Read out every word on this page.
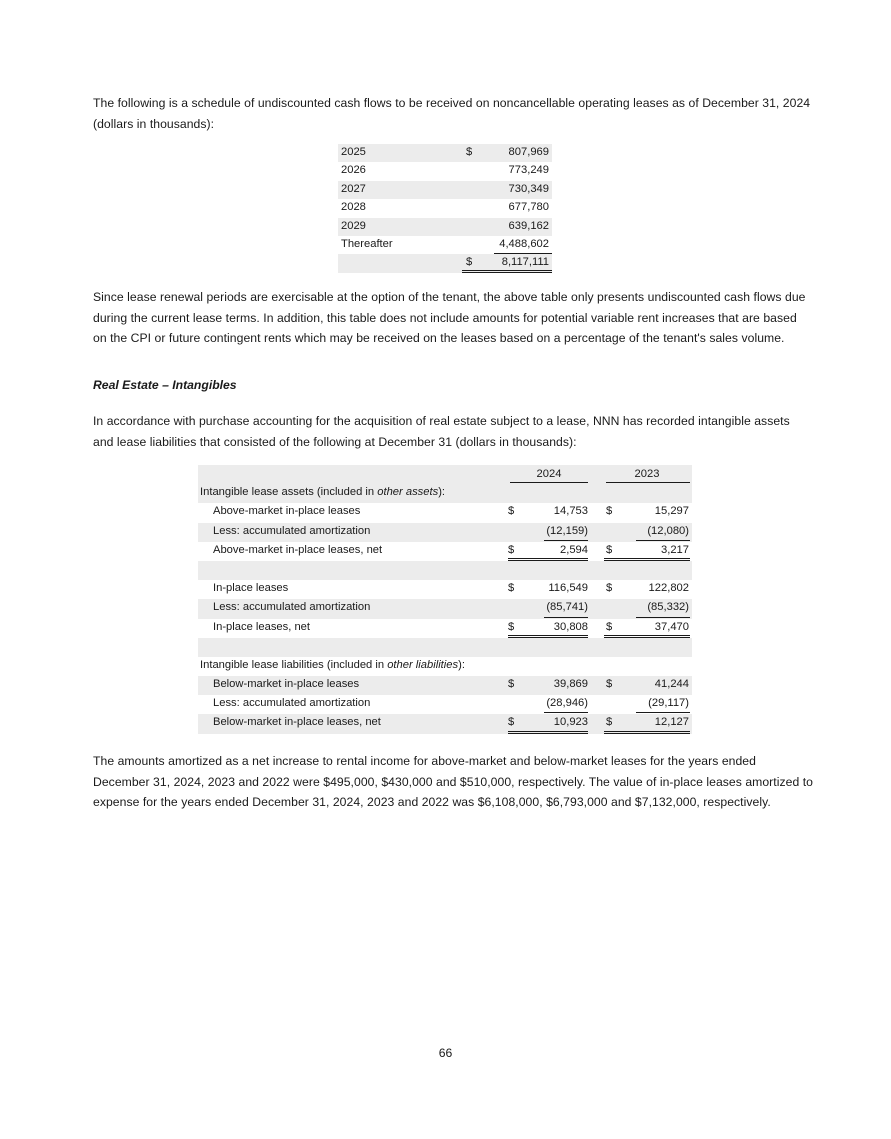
The following is a schedule of undiscounted cash flows to be received on noncancellable operating leases as of December 31, 2024 (dollars in thousands):

2025	$	807,969
2026	773,249
2027	730,349
2028	677,780
2029	639,162
Thereafter	4,488,602
$	8,117,111

Since lease renewal periods are exercisable at the option of the tenant, the above table only presents undiscounted cash flows due during the current lease terms. In addition, this table does not include amounts for potential variable rent increases that are based on the CPI or future contingent rents which may be received on the leases based on a percentage of the tenant's sales volume.

Real Estate – Intangibles

In accordance with purchase accounting for the acquisition of real estate subject to a lease, NNN has recorded intangible assets and lease liabilities that consisted of the following at December 31 (dollars in thousands):

2024	2023
Intangible lease assets (included in other assets):
Above-market in-place leases	$	14,753 $	15,297
Less: accumulated amortization	(12,159)	(12,080)
Above-market in-place leases, net	$	2,594 $	3,217
In-place leases	$	116,549 $	122,802
Less: accumulated amortization	(85,741)	(85,332)
In-place leases, net	$	30,808 $	37,470
Intangible lease liabilities (included in other liabilities):
Below-market in-place leases	$	39,869 $	41,244
Less: accumulated amortization	(28,946)	(29,117)
Below-market in-place leases, net	$	10,923 $	12,127

The amounts amortized as a net increase to rental income for above-market and below-market leases for the years ended December 31, 2024, 2023 and 2022 were $495,000, $430,000 and $510,000, respectively. The value of in-place leases amortized to expense for the years ended December 31, 2024, 2023 and 2022 was $6,108,000, $6,793,000 and $7,132,000, respectively.

66
